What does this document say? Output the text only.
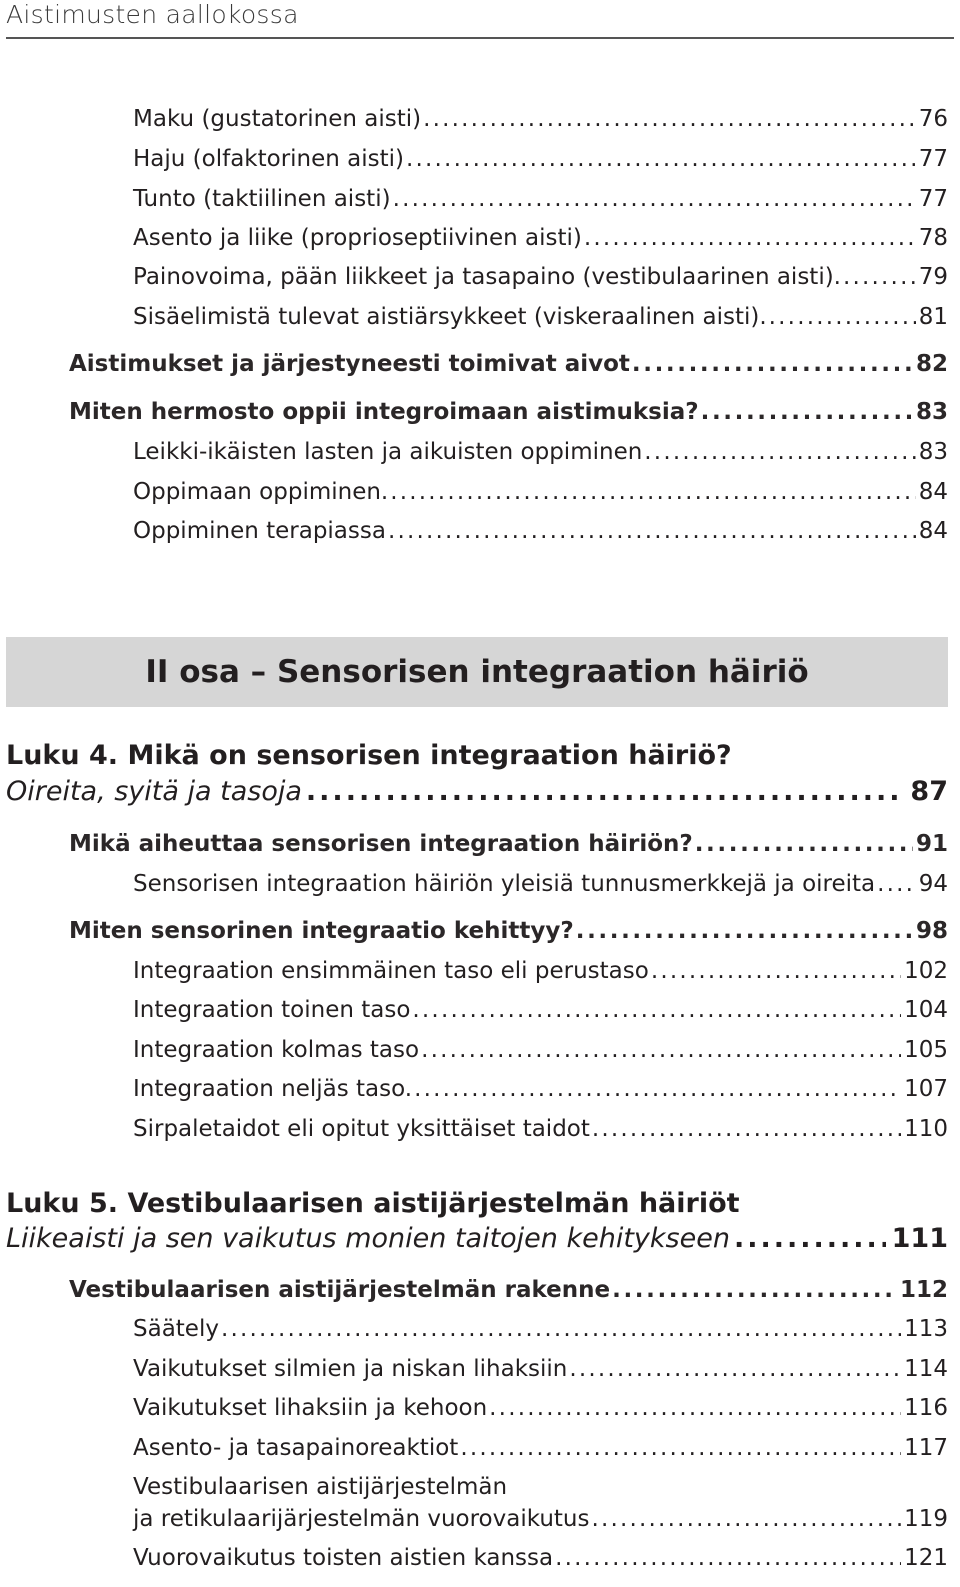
Aistimusten aallokossa
Maku (gustatorinen aisti) .....	76
Haju (olfaktorinen aisti) .....	77
Tunto (taktiilinen aisti) .....	77
Asento ja liike (proprioseptiivinen aisti) .....	78
Painovoima, pään liikkeet ja tasapaino (vestibulaarinen aisti). .....	79
Sisäelimistä tulevat aistiärsykkeet (viskeraalinen aisti). .....	81
Aistimukset ja järjestyneesti toimivat aivot .....	82
Miten hermosto oppii integroimaan aistimuksia? .....	83
Leikki-ikäisten lasten ja aikuisten oppiminen .....	83
Oppimaan oppiminen. .....	84
Oppiminen terapiassa .....	84
II osa – Sensorisen integraation häiriö
Luku 4. Mikä on sensorisen integraation häiriö?
Oireita, syitä ja tasoja .....	87
Mikä aiheuttaa sensorisen integraation häiriön? .....	91
Sensorisen integraation häiriön yleisiä tunnusmerkkejä ja oireita ..... 94
Miten sensorinen integraatio kehittyy? .....	98
Integraation ensimmäinen taso eli perustaso .....	102
Integraation toinen taso .....	104
Integraation kolmas taso .....	105
Integraation neljäs taso. .....	107
Sirpaletaidot eli opitut yksittäiset taidot .....	110
Luku 5. Vestibulaarisen aistijärjestelmän häiriöt
Liikeaisti ja sen vaikutus monien taitojen kehitykseen .....	111
Vestibulaarisen aistijärjestelmän rakenne .....	112
Säätely .....	113
Vaikutukset silmien ja niskan lihaksiin .....	114
Vaikutukset lihaksiin ja kehoon .....	116
Asento- ja tasapainoreaktiot .....	117
Vestibulaarisen aistijärjestelmän
ja retikulaarijärjestelmän vuorovaikutus .....	119
Vuorovaikutus toisten aistien kanssa .....	121
